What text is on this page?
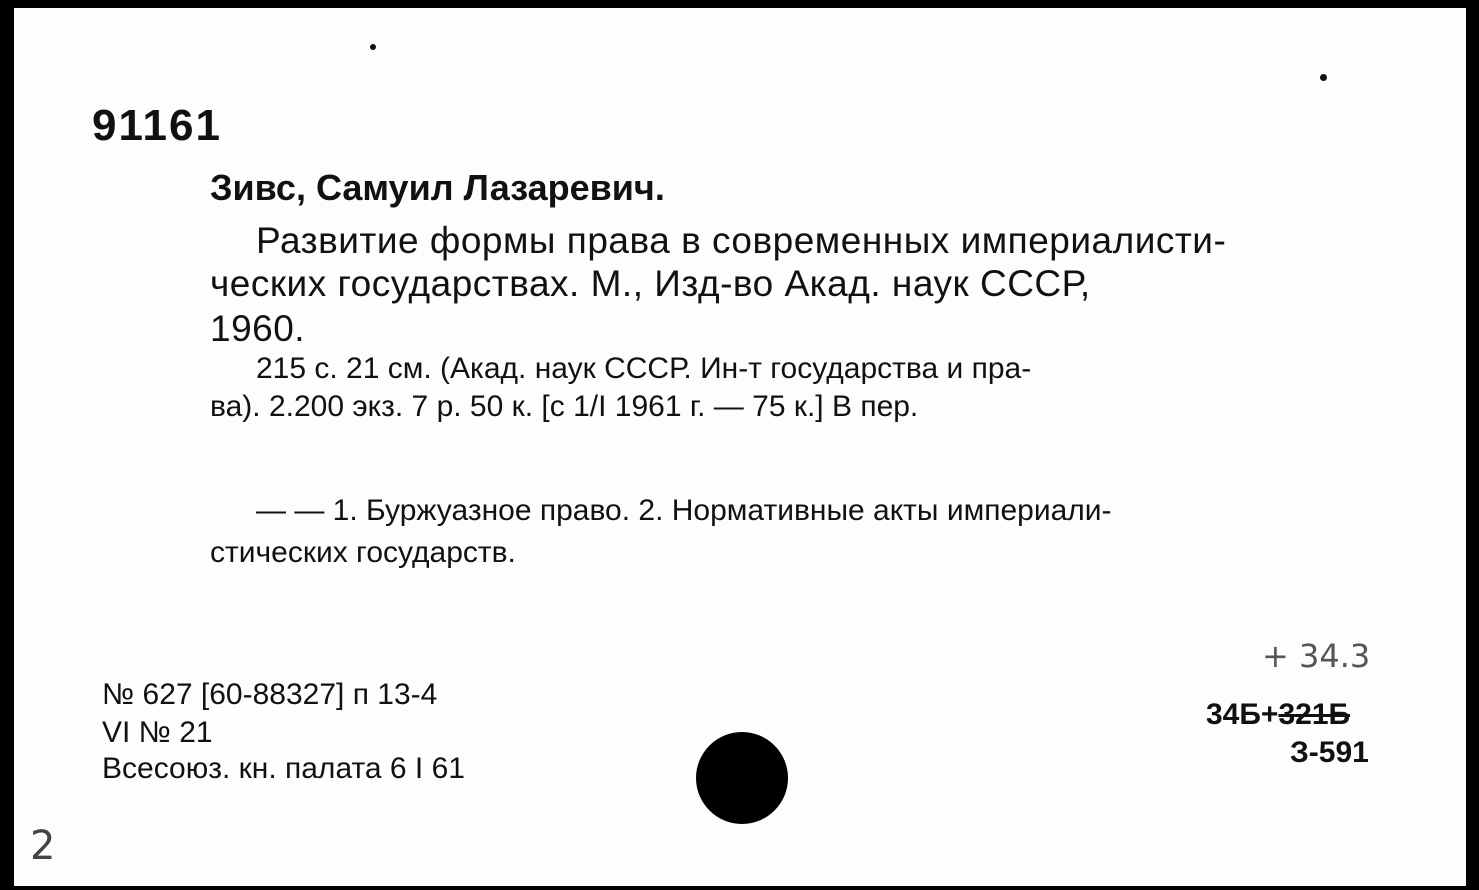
91161
Зивс, Самуил Лазаревич.
Развитие формы права в современных империалисти-
ческих государствах. М., Изд-во Акад. наук СССР,
1960.
215 с. 21 см. (Акад. наук СССР. Ин-т государства и пра-
ва). 2.200 экз. 7 р. 50 к. [с 1/I 1961 г. — 75 к.] В пер.
— — 1. Буржуазное право. 2. Нормативные акты империали-
стических государств.
№ 627 [60-88327] п 13-4
VI № 21
Всесоюз. кн. палата 6 I 61
+ 34.3
34Б+321Б
З-591
2
